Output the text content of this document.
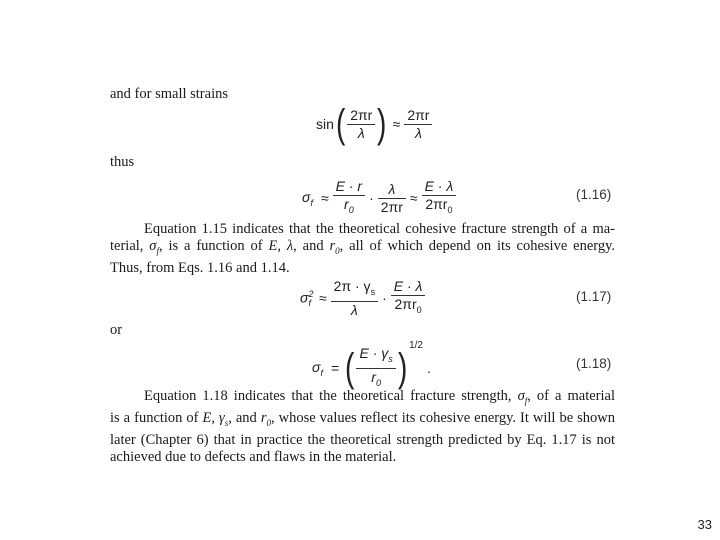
and for small strains
$\sin( \frac{2\pi r}{\lambda}$ ) ≈ $\frac{2\pi r}{\lambda}$
thus
$\sigma_f \approx \frac{E \cdot r}{r_0} \cdot \frac{\lambda}{2\pi r} \approx \frac{E \cdot \lambda}{2\pi r_0}$	(1.16)
Equation 1.15 indicates that the theoretical cohesive fracture strength of a ma-
terial, $\sigma_f$, is a function of E, λ, and $r_0$, all of which depend on its cohesive energy.
Thus, from Eqs. 1.16 and 1.14.
$\sigma^2_f \approx \frac{2\pi \cdot \gamma_s}{\lambda} \cdot \frac{E \cdot \lambda}{2\pi r_0}$	(1.17)
or
$\sigma_f$ = ( $\frac{E \cdot \gamma_s}{r_0} )^{1/2}$.	(1.18)
Equation 1.18 indicates that the theoretical fracture strength, $\sigma_f$, of a material
is a function of E, $\gamma_s$, and $r_0$, whose values reflect its cohesive energy. It will be shown
later (Chapter 6) that in practice the theoretical strength predicted by Eq. 1.17 is not
achieved due to defects and flaws in the material.
33
